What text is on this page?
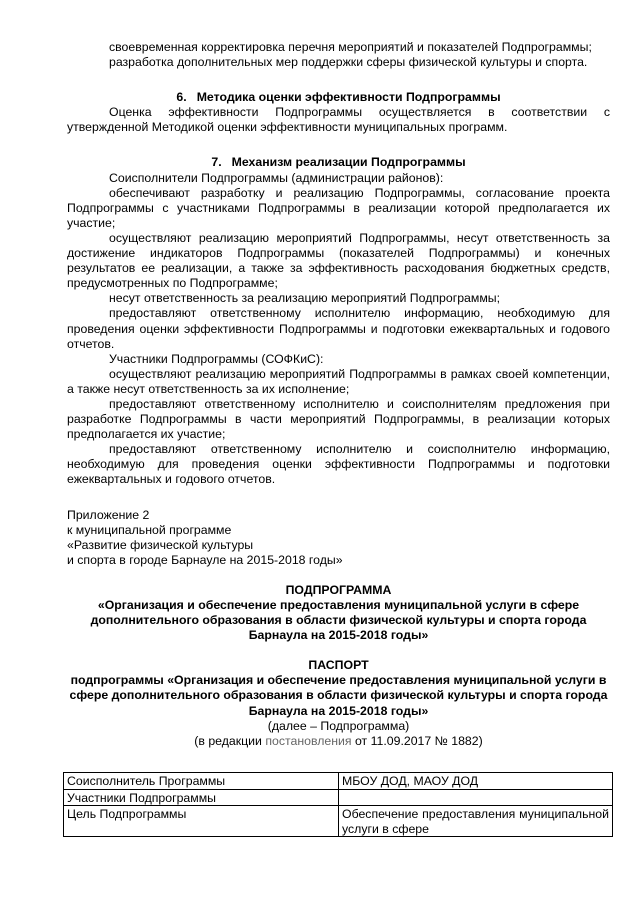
своевременная корректировка перечня мероприятий и показателей Подпрограммы;

разработка дополнительных мер поддержки сферы физической культуры и спорта.

6. Методика оценки эффективности Подпрограммы

Оценка эффективности Подпрограммы осуществляется в соответствии с утвержденной Методикой оценки эффективности муниципальных программ.

7. Механизм реализации Подпрограммы

Соисполнители Подпрограммы (администрации районов):

обеспечивают разработку и реализацию Подпрограммы, согласование проекта Подпрограммы с участниками Подпрограммы в реализации которой предполагается их участие;

осуществляют реализацию мероприятий Подпрограммы, несут ответственность за достижение индикаторов Подпрограммы (показателей Подпрограммы) и конечных результатов ее реализации, а также за эффективность расходования бюджетных средств, предусмотренных по Подпрограмме;

несут ответственность за реализацию мероприятий Подпрограммы;

предоставляют ответственному исполнителю информацию, необходимую для проведения оценки эффективности Подпрограммы и подготовки ежеквартальных и годового отчетов.

Участники Подпрограммы (СОФКиС):

осуществляют реализацию мероприятий Подпрограммы в рамках своей компетенции, а также несут ответственность за их исполнение;

предоставляют ответственному исполнителю и соисполнителям предложения при разработке Подпрограммы в части мероприятий Подпрограммы, в реализации которых предполагается их участие;

предоставляют ответственному исполнителю и соисполнителю информацию, необходимую для проведения оценки эффективности Подпрограммы и подготовки ежеквартальных и годового отчетов.

Приложение 2
к муниципальной программе
«Развитие физической культуры
и спорта в городе Барнауле на 2015-2018 годы»

ПОДПРОГРАММА

«Организация и обеспечение предоставления муниципальной услуги в сфере дополнительного образования в области физической культуры и спорта города Барнаула на 2015-2018 годы»

ПАСПОРТ

подпрограммы «Организация и обеспечение предоставления муниципальной услуги в сфере дополнительного образования в области физической культуры и спорта города Барнаула на 2015-2018 годы»

(далее – Подпрограмма)

(в редакции постановления от 11.09.2017 № 1882)

Соисполнитель Программы	МБОУ ДОД, МАОУ ДОД
Участники Подпрограммы	
Цель Подпрограммы	Обеспечение предоставления муниципальной услуги в сфере
